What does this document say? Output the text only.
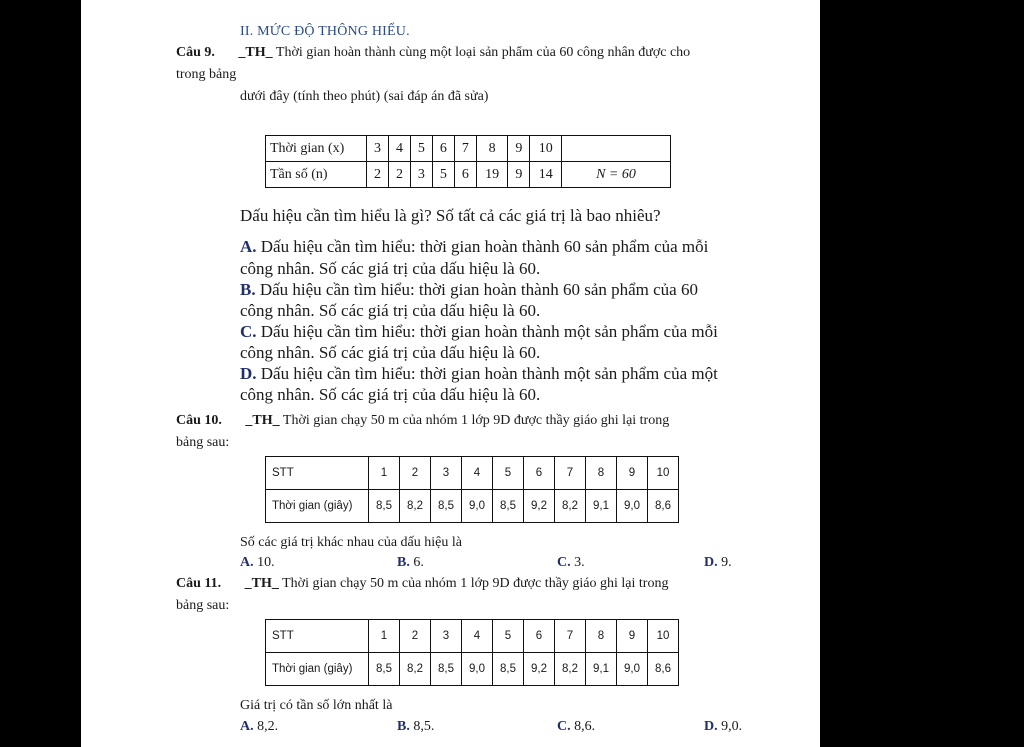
II. MỨC ĐỘ THÔNG HIỂU.
Câu 9. _TH_ Thời gian hoàn thành cùng một loại sản phẩm của 60 công nhân được cho
trong bảng
dưới đây (tính theo phút) (sai đáp án đã sửa)
Thời gian (x)	3	4	5	6	7	8	9	10	
Tần số (n)	2	2	3	5	6	19	9	14	N = 60
Dấu hiệu cần tìm hiểu là gì? Số tất cả các giá trị là bao nhiêu?
A. Dấu hiệu cần tìm hiểu: thời gian hoàn thành 60 sản phẩm của mỗi
công nhân. Số các giá trị của dấu hiệu là 60.
B. Dấu hiệu cần tìm hiểu: thời gian hoàn thành 60 sản phẩm của 60
công nhân. Số các giá trị của dấu hiệu là 60.
C. Dấu hiệu cần tìm hiểu: thời gian hoàn thành một sản phẩm của mỗi
công nhân. Số các giá trị của dấu hiệu là 60.
D. Dấu hiệu cần tìm hiểu: thời gian hoàn thành một sản phẩm của một
công nhân. Số các giá trị của dấu hiệu là 60.
Câu 10. _TH_ Thời gian chạy 50 m của nhóm 1 lớp 9D được thầy giáo ghi lại trong
bảng sau:
STT	1	2	3	4	5	6	7	8	9	10
Thời gian (giây)	8,5	8,2	8,5	9,0	8,5	9,2	8,2	9,1	9,0	8,6
Số các giá trị khác nhau của dấu hiệu là
A. 10.	B. 6.	C. 3.	D. 9.
Câu 11. _TH_ Thời gian chạy 50 m của nhóm 1 lớp 9D được thầy giáo ghi lại trong
bảng sau:
STT	1	2	3	4	5	6	7	8	9	10
Thời gian (giây)	8,5	8,2	8,5	9,0	8,5	9,2	8,2	9,1	9,0	8,6
Giá trị có tần số lớn nhất là
A. 8,2.	B. 8,5.	C. 8,6.	D. 9,0.
